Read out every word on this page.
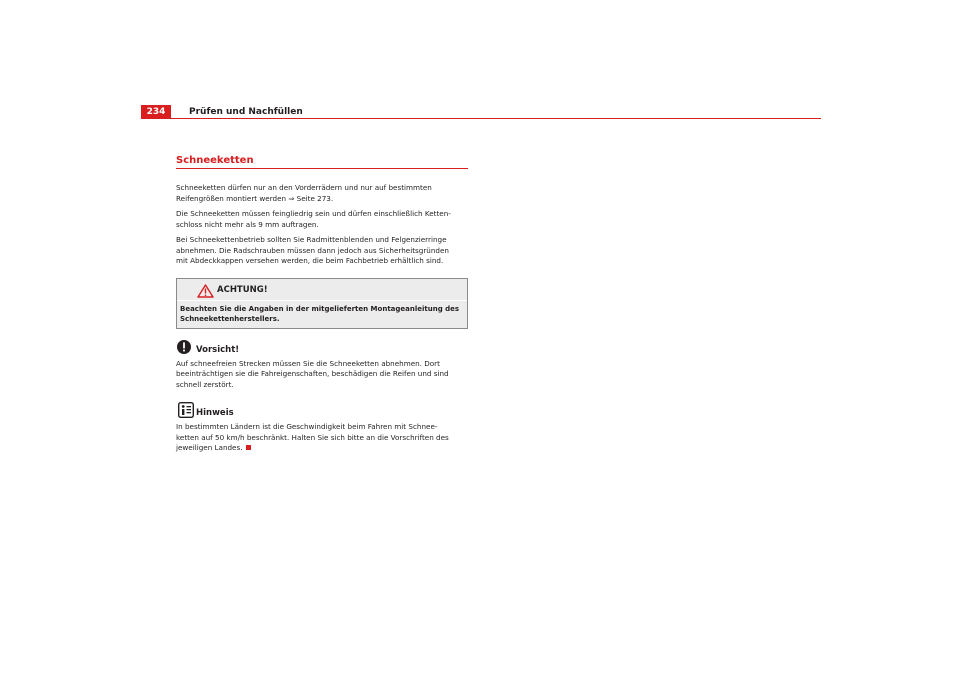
234	Prüfen und Nachfüllen
Schneeketten

Schneeketten dürfen nur an den Vorderrädern und nur auf bestimmten
Reifengrößen montiert werden ⇒ Seite 273.

Die Schneeketten müssen feingliedrig sein und dürfen einschließlich Ketten-
schloss nicht mehr als 9 mm auftragen.

Bei Schneekettenbetrieb sollten Sie Radmittenblenden und Felgenzierringe
abnehmen. Die Radschrauben müssen dann jedoch aus Sicherheitsgründen
mit Abdeckkappen versehen werden, die beim Fachbetrieb erhältlich sind.

ACHTUNG!
Beachten Sie die Angaben in der mitgelieferten Montageanleitung des
Schneekettenherstellers.
Vorsicht!

Auf schneefreien Strecken müssen Sie die Schneeketten abnehmen. Dort
beeinträchtigen sie die Fahreigenschaften, beschädigen die Reifen und sind
schnell zerstört.

Hinweis

In bestimmten Ländern ist die Geschwindigkeit beim Fahren mit Schnee-
ketten auf 50 km/h beschränkt. Halten Sie sich bitte an die Vorschriften des
jeweiligen Landes.
